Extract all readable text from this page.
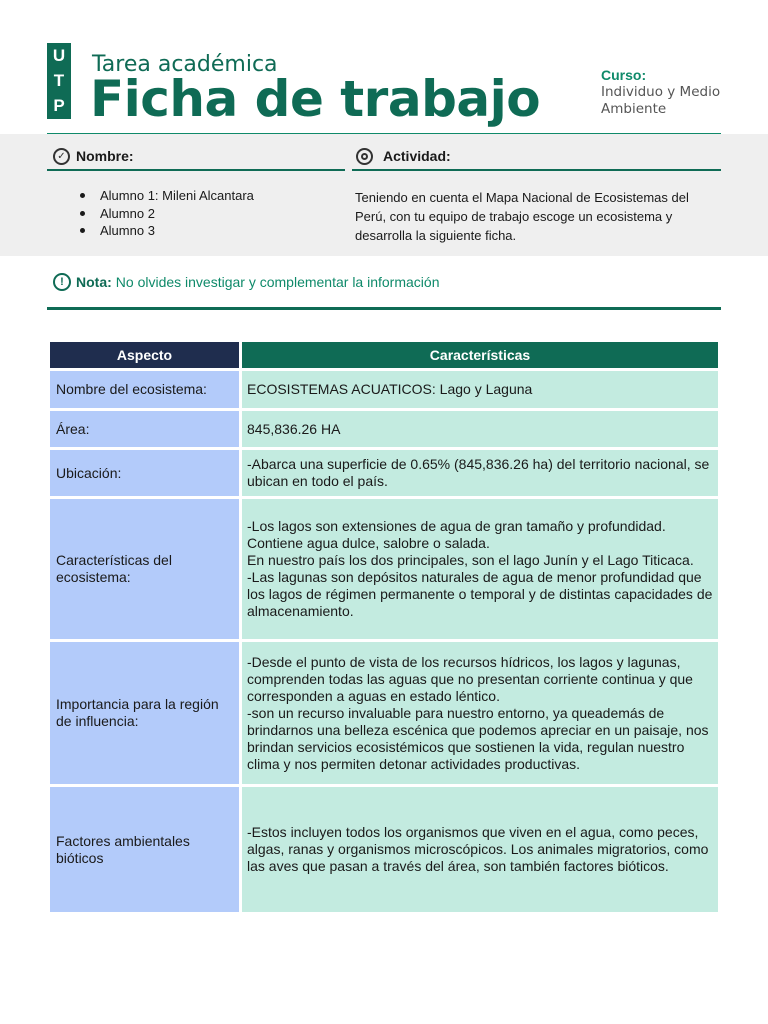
U
T
P
Tarea académica
Ficha de trabajo	Curso:
Individuo y Medio Ambiente
✓ Nombre:	Actividad:
Alumno 1: Mileni Alcantara
Alumno 2
Alumno 3
Teniendo en cuenta el Mapa Nacional de Ecosistemas del Perú, con tu equipo de trabajo escoge un ecosistema y desarrolla la siguiente ficha.
! Nota: No olvides investigar y complementar la información
Aspecto	Características
Nombre del ecosistema:	ECOSISTEMAS ACUATICOS: Lago y Laguna

Área:	845,836.26 HA

Ubicación:	-Abarca una superficie de 0.65% (845,836.26 ha) del territorio nacional, se ubican en todo el país.

Características del ecosistema:	-Los lagos son extensiones de agua de gran tamaño y profundidad. Contiene agua dulce, salobre o salada.
En nuestro país los dos principales, son el lago Junín y el Lago Titicaca.
-Las lagunas son depósitos naturales de agua de menor profundidad que los lagos de régimen permanente o temporal y de distintas capacidades de almacenamiento.

Importancia para la región de influencia:	-Desde el punto de vista de los recursos hídricos, los lagos y lagunas, comprenden todas las aguas que no presentan corriente continua y que corresponden a aguas en estado léntico.
-son un recurso invaluable para nuestro entorno, ya queademás de brindarnos una belleza escénica que podemos apreciar en un paisaje, nos brindan servicios ecosistémicos que sostienen la vida, regulan nuestro clima y nos permiten detonar actividades productivas.

Factores ambientales bióticos	-Estos incluyen todos los organismos que viven en el agua, como peces, algas, ranas y organismos microscópicos. Los animales migratorios, como las aves que pasan a través del área, son también factores bióticos.
